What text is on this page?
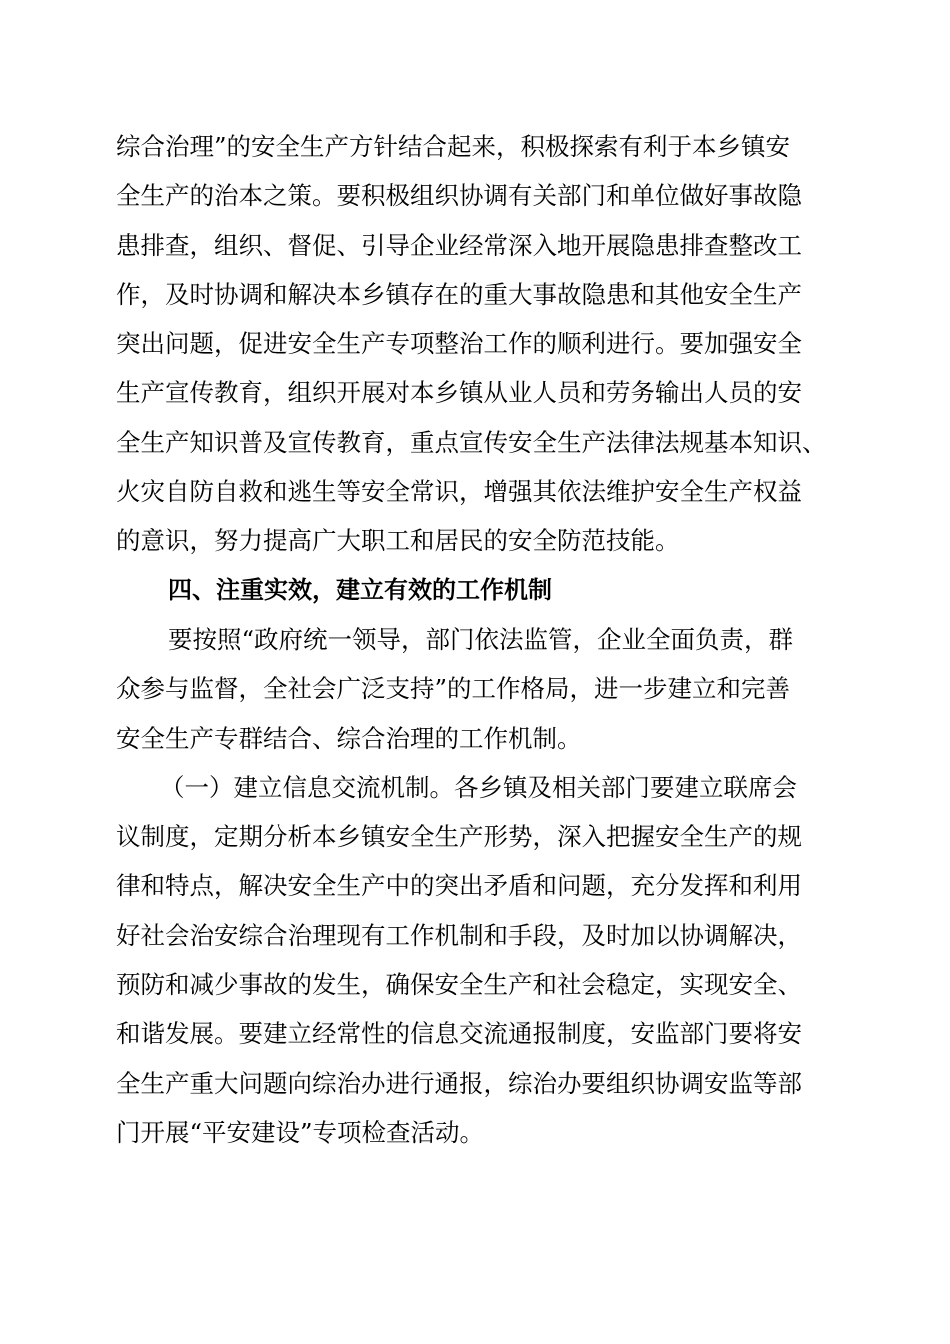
综合治理”的安全生产方针结合起来，积极探索有利于本乡镇安
全生产的治本之策。要积极组织协调有关部门和单位做好事故隐
患排查，组织、督促、引导企业经常深入地开展隐患排查整改工
作，及时协调和解决本乡镇存在的重大事故隐患和其他安全生产
突出问题，促进安全生产专项整治工作的顺利进行。要加强安全
生产宣传教育，组织开展对本乡镇从业人员和劳务输出人员的安
全生产知识普及宣传教育，重点宣传安全生产法律法规基本知识、
火灾自防自救和逃生等安全常识，增强其依法维护安全生产权益
的意识，努力提高广大职工和居民的安全防范技能。
四、注重实效，建立有效的工作机制
要按照“政府统一领导，部门依法监管，企业全面负责，群
众参与监督，全社会广泛支持”的工作格局，进一步建立和完善
安全生产专群结合、综合治理的工作机制。
（一）建立信息交流机制。各乡镇及相关部门要建立联席会
议制度，定期分析本乡镇安全生产形势，深入把握安全生产的规
律和特点，解决安全生产中的突出矛盾和问题，充分发挥和利用
好社会治安综合治理现有工作机制和手段，及时加以协调解决，
预防和减少事故的发生，确保安全生产和社会稳定，实现安全、
和谐发展。要建立经常性的信息交流通报制度，安监部门要将安
全生产重大问题向综治办进行通报，综治办要组织协调安监等部
门开展“平安建设”专项检查活动。
